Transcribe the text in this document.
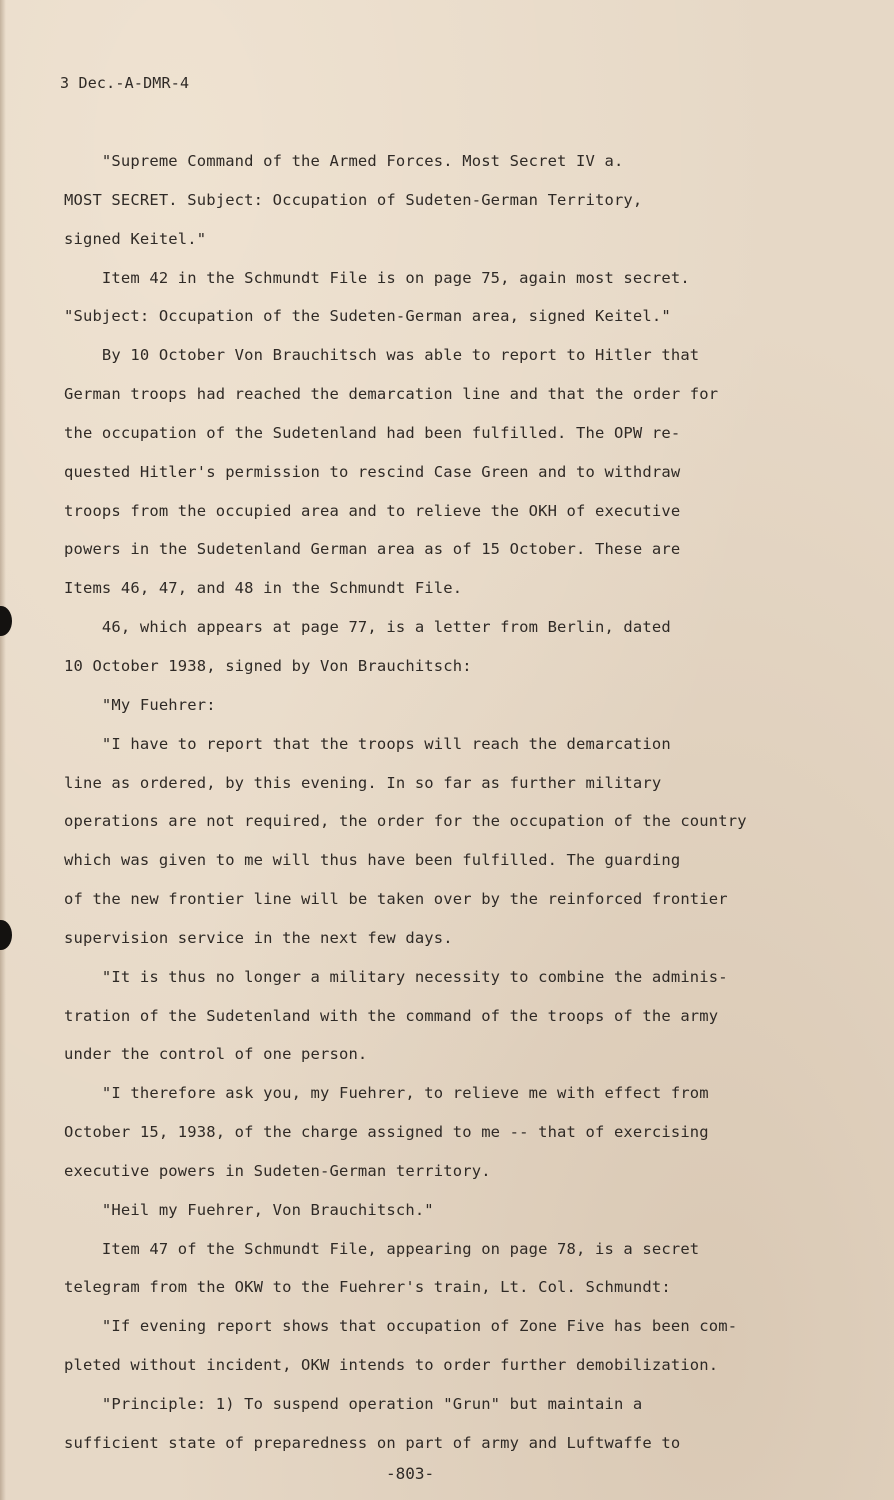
3 Dec.-A-DMR-4
"Supreme Command of the Armed Forces. Most Secret IV a.
MOST SECRET. Subject: Occupation of Sudeten-German Territory,
signed Keitel."
Item 42 in the Schmundt File is on page 75, again most secret.
"Subject: Occupation of the Sudeten-German area, signed Keitel."
By 10 October Von Brauchitsch was able to report to Hitler that
German troops had reached the demarcation line and that the order for
the occupation of the Sudetenland had been fulfilled. The OPW re-
quested Hitler's permission to rescind Case Green and to withdraw
troops from the occupied area and to relieve the OKH of executive
powers in the Sudetenland German area as of 15 October. These are
Items 46, 47, and 48 in the Schmundt File.
46, which appears at page 77, is a letter from Berlin, dated
10 October 1938, signed by Von Brauchitsch:
"My Fuehrer:
"I have to report that the troops will reach the demarcation
line as ordered, by this evening. In so far as further military
operations are not required, the order for the occupation of the country
which was given to me will thus have been fulfilled. The guarding
of the new frontier line will be taken over by the reinforced frontier
supervision service in the next few days.
"It is thus no longer a military necessity to combine the adminis-
tration of the Sudetenland with the command of the troops of the army
under the control of one person.
"I therefore ask you, my Fuehrer, to relieve me with effect from
October 15, 1938, of the charge assigned to me -- that of exercising
executive powers in Sudeten-German territory.
"Heil my Fuehrer, Von Brauchitsch."
Item 47 of the Schmundt File, appearing on page 78, is a secret
telegram from the OKW to the Fuehrer's train, Lt. Col. Schmundt:
"If evening report shows that occupation of Zone Five has been com-
pleted without incident, OKW intends to order further demobilization.
"Principle: 1) To suspend operation "Grun" but maintain a
sufficient state of preparedness on part of army and Luftwaffe to
-803-
